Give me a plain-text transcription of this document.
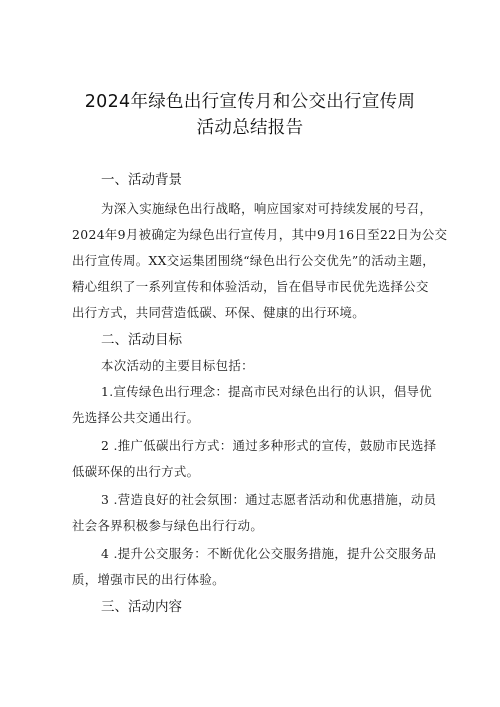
2024年绿色出行宣传月和公交出行宣传周
活动总结报告
一、活动背景
为深入实施绿色出行战略，响应国家对可持续发展的号召，
2024年9月被确定为绿色出行宣传月，其中9月16日至22日为公交
出行宣传周。XX交运集团围绕“绿色出行公交优先”的活动主题，
精心组织了一系列宣传和体验活动，旨在倡导市民优先选择公交
出行方式，共同营造低碳、环保、健康的出行环境。
二、活动目标
本次活动的主要目标包括：
1.宣传绿色出行理念：提高市民对绿色出行的认识，倡导优
先选择公共交通出行。
2 .推广低碳出行方式：通过多种形式的宣传，鼓励市民选择
低碳环保的出行方式。
3 .营造良好的社会氛围：通过志愿者活动和优惠措施，动员
社会各界积极参与绿色出行行动。
4 .提升公交服务：不断优化公交服务措施，提升公交服务品
质，增强市民的出行体验。
三、活动内容
